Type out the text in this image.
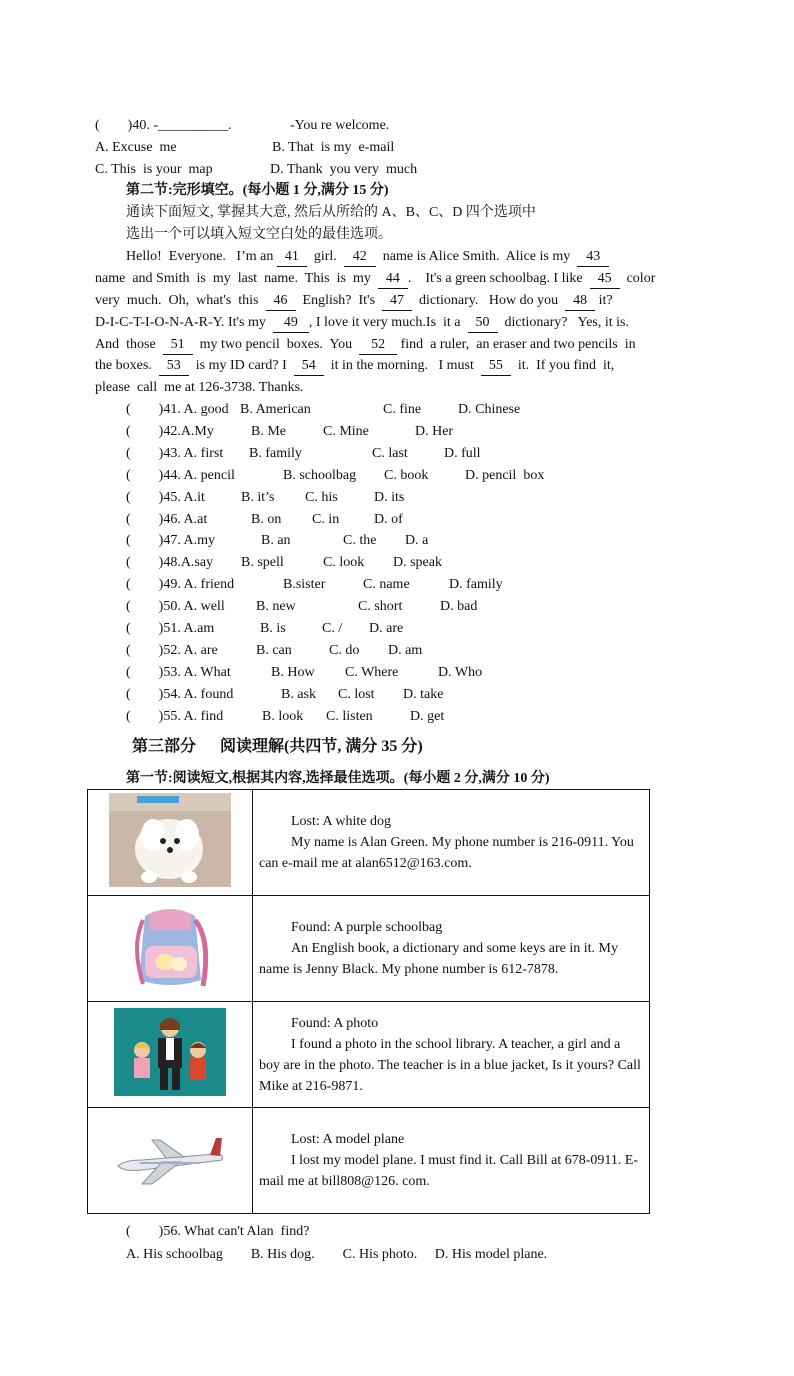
(        )40. -__________.	-You re welcome.
A. Excuse  me	B. That  is my  e-mail
C. This  is your  map	D. Thank  you very  much
第二节:完形填空。(每小题 1 分,满分 15 分)
通读下面短文, 掌握其大意, 然后从所给的 A、B、C、D 四个选项中
选出一个可以填入短文空白处的最佳选项。
Hello!  Everyone.   I’m an 41  girl.  42  name is Alice Smith.  Alice is my  43
name  and Smith  is  my  last  name.  This  is  my  44 .    It's a green schoolbag. I like  45  color
very  much.  Oh,  what's  this  46  English?  It's  47  dictionary.   How do you  48 it?
D-I-C-T-I-O-N-A-R-Y. It's my  49 , I love it very much.Is  it a  50  dictionary?   Yes, it is.
And  those  51  my two pencil  boxes.  You  52 find  a ruler,  an eraser and two pencils  in
the boxes.  53  is my ID card? I  54  it in the morning.   I must  55  it.  If you find  it,
please  call  me at 126-3738. Thanks.
(        )41. A. good B. American	C. fine	D. Chinese
(        )42.A.My	B. Me	C. Mine	D. Her
(        )43. A. first B. family	C. last	D. full
(        )44. A. pencil	B. schoolbag C. book	D. pencil  box
(        )45. A.it	B. it’s C. his	D. its
(        )46. A.at	B. on C. in D. of
(        )47. A.my	B. an	C. the D. a
(        )48.A.say B. spell	C. look D. speak
(        )49. A. friend	B.sister	C. name	D. family
(        )50. A. well B. new	C. short	D. bad
(        )51. A.am	B. is	C. / D. are
(        )52. A. are	B. can	C. do D. am
(        )53. A. What	B. How C. Where	D. Who
(        )54. A. found	B. ask C. lost D. take
(        )55. A. find	B. look C. listen	D. get
第三部分      阅读理解(共四节, 满分 35 分)
第一节:阅读短文,根据其内容,选择最佳选项。(每小题 2 分,满分 10 分)

Lost: A white dog
My name is Alan Green. My phone number is 216-0911. You can e-mail me at alan6512@163.com.

Found: A purple schoolbag
An English book, a dictionary and some keys are in it. My name is Jenny Black. My phone number is 612-7878.

Found: A photo
I found a photo in the school library. A teacher, a girl and a boy are in the photo. The teacher is in a blue jacket, Is it yours? Call Mike at 216-9871.

Lost: A model plane
I lost my model plane. I must find it. Call Bill at 678-0911. E-mail me at bill808@126. com.
(        )56. What can't Alan  find?
A. His schoolbag        B. His dog.        C. His photo.     D. His model plane.
